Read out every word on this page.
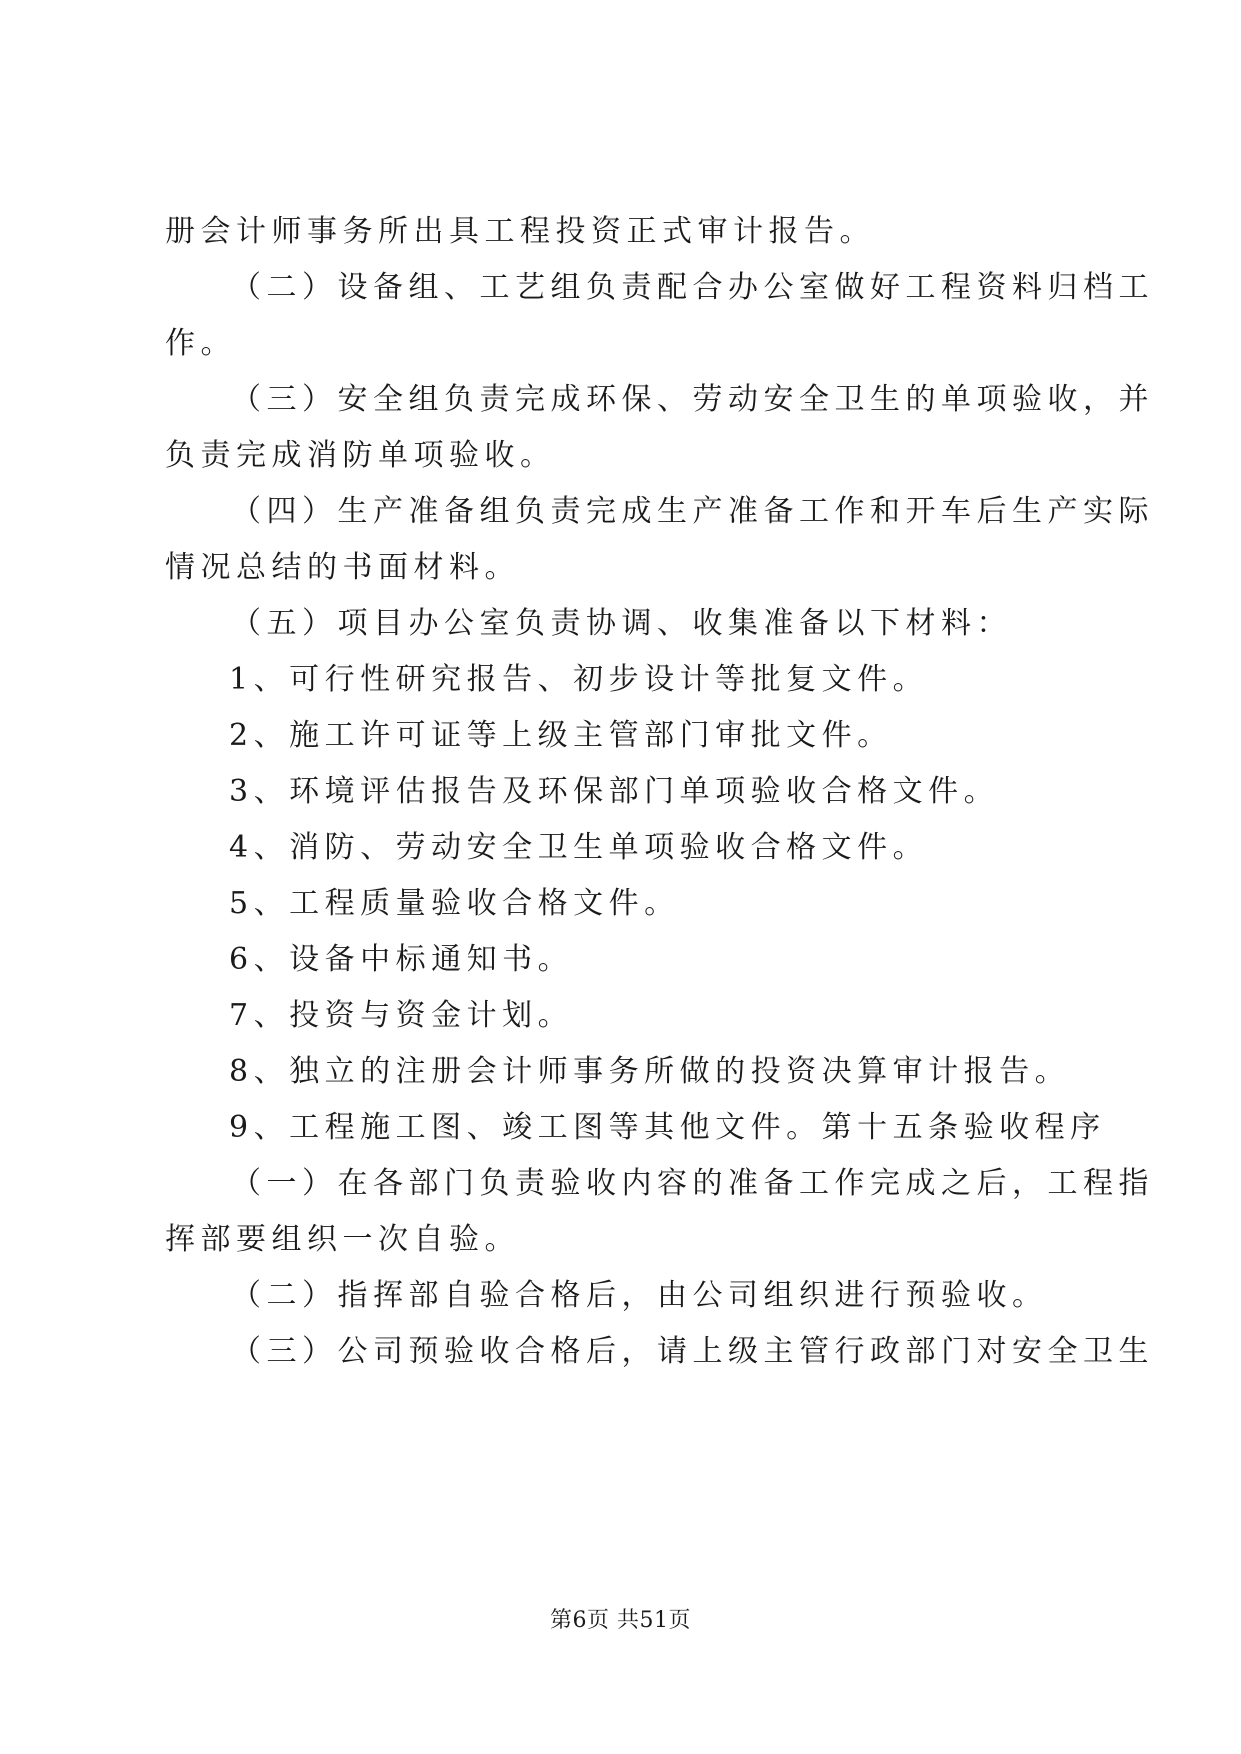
册会计师事务所出具工程投资正式审计报告。
（二）设备组、工艺组负责配合办公室做好工程资料归档工
作。
（三）安全组负责完成环保、劳动安全卫生的单项验收，并
负责完成消防单项验收。
（四）生产准备组负责完成生产准备工作和开车后生产实际
情况总结的书面材料。
（五）项目办公室负责协调、收集准备以下材料：
1、可行性研究报告、初步设计等批复文件。
2、施工许可证等上级主管部门审批文件。
3、环境评估报告及环保部门单项验收合格文件。
4、消防、劳动安全卫生单项验收合格文件。
5、工程质量验收合格文件。
6、设备中标通知书。
7、投资与资金计划。
8、独立的注册会计师事务所做的投资决算审计报告。
9、工程施工图、竣工图等其他文件。第十五条验收程序
（一）在各部门负责验收内容的准备工作完成之后，工程指
挥部要组织一次自验。
（二）指挥部自验合格后，由公司组织进行预验收。
（三）公司预验收合格后，请上级主管行政部门对安全卫生
第6页 共51页
